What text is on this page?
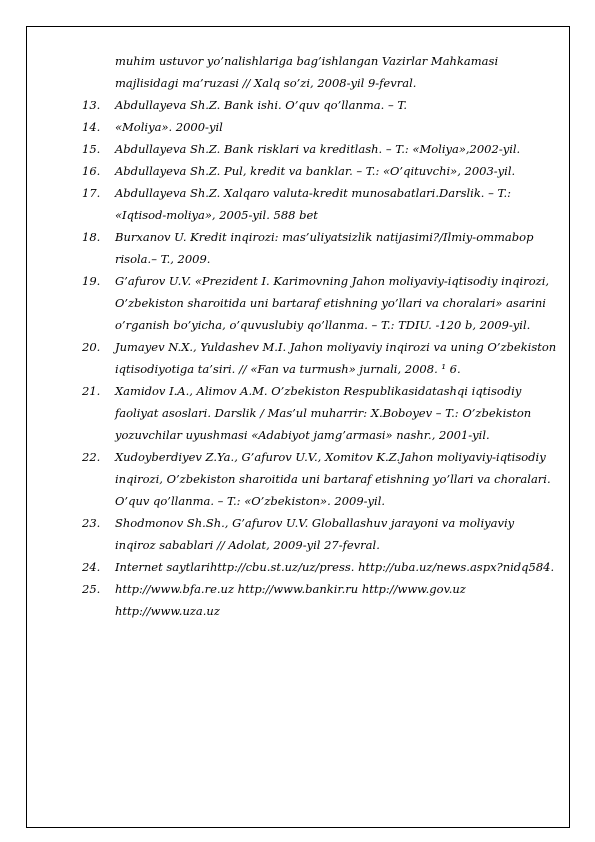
muhim ustuvor yo’nalishlariga bag’ishlangan Vazirlar Mahkamasi
majlisidagi ma’ruzasi // Xalq so’zi, 2008-yil 9-fevral.
13.	Abdullayeva Sh.Z. Bank ishi. O’quv qo’llanma. – T.
14.	«Moliya». 2000-yil
15.	Abdullayeva Sh.Z. Bank risklari va kreditlash. – T.: «Moliya»,2002-yil.
16.	Abdullayeva Sh.Z. Pul, kredit va banklar. – T.: «O’qituvchi», 2003-yil.
17.	Abdullayeva Sh.Z. Xalqaro valuta-kredit munosabatlari.Darslik. – T.:
«Iqtisod-moliya», 2005-yil. 588 bet
18.	Burxanov U. Kredit inqirozi: mas’uliyatsizlik natijasimi?/Ilmiy-ommabop
risola.– T., 2009.
19.	G’afurov U.V. «Prezident I. Karimovning Jahon moliyaviy-iqtisodiy inqirozi,
O’zbekiston sharoitida uni bartaraf etishning yo’llari va choralari» asarini
o’rganish bo’yicha, o’quvuslubiy qo’llanma. – T.: TDIU. -120 b, 2009-yil.
20.	Jumayev N.X., Yuldashev M.I. Jahon moliyaviy inqirozi va uning O’zbekiston
iqtisodiyotiga ta’siri. // «Fan va turmush» jurnali, 2008. ¹ 6.
21.	Xamidov I.A., Alimov A.M. O’zbekiston Respublikasidatashqi iqtisodiy
faoliyat asoslari. Darslik / Mas’ul muharrir: X.Boboyev – T.: O’zbekiston
yozuvchilar uyushmasi «Adabiyot jamg’armasi» nashr., 2001-yil.
22.	Xudoyberdiyev Z.Ya., G’afurov U.V., Xomitov K.Z.Jahon moliyaviy-iqtisodiy
inqirozi, O’zbekiston sharoitida uni bartaraf etishning yo’llari va choralari.
O’quv qo’llanma. – T.: «O’zbekiston». 2009-yil.
23.	Shodmonov Sh.Sh., G’afurov U.V. Globallashuv jarayoni va moliyaviy
inqiroz sabablari // Adolat, 2009-yil 27-fevral.
24.	Internet saytlarihttp://cbu.st.uz/uz/press. http://uba.uz/news.aspx?nidq584.
25.	http://www.bfa.re.uz http://www.bankir.ru http://www.gov.uz
http://www.uza.uz
